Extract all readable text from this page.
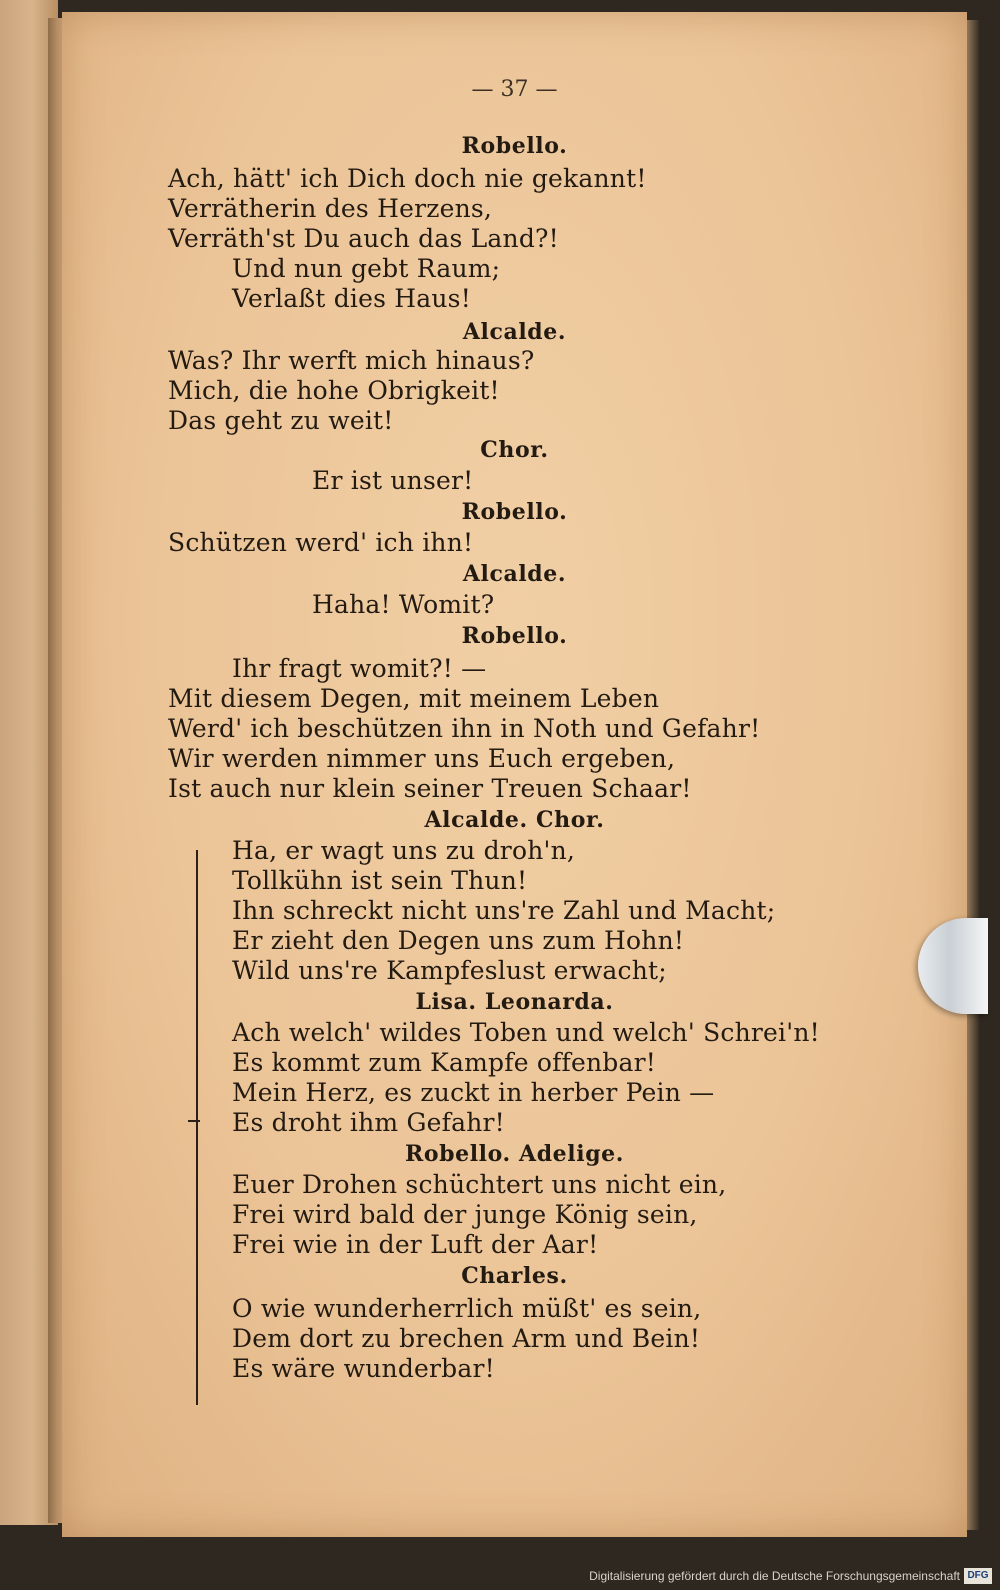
— 37 —
Robello.
Ach, hätt' ich Dich doch nie gekannt!
Verrätherin des Herzens,
Verräth'st Du auch das Land?!
Und nun gebt Raum;
Verlaßt dies Haus!
Alcalde.
Was? Ihr werft mich hinaus?
Mich, die hohe Obrigkeit!
Das geht zu weit!
Chor.
Er ist unser!
Robello.
Schützen werd' ich ihn!
Alcalde.
Haha! Womit?
Robello.
Ihr fragt womit?! —
Mit diesem Degen, mit meinem Leben
Werd' ich beschützen ihn in Noth und Gefahr!
Wir werden nimmer uns Euch ergeben,
Ist auch nur klein seiner Treuen Schaar!
Alcalde. Chor.
Ha, er wagt uns zu droh'n,
Tollkühn ist sein Thun!
Ihn schreckt nicht uns're Zahl und Macht;
Er zieht den Degen uns zum Hohn!
Wild uns're Kampfeslust erwacht;
Lisa. Leonarda.
Ach welch' wildes Toben und welch' Schrei'n!
Es kommt zum Kampfe offenbar!
Mein Herz, es zuckt in herber Pein —
Es droht ihm Gefahr!
Robello. Adelige.
Euer Drohen schüchtert uns nicht ein,
Frei wird bald der junge König sein,
Frei wie in der Luft der Aar!
Charles.
O wie wunderherrlich müßt' es sein,
Dem dort zu brechen Arm und Bein!
Es wäre wunderbar!
Digitalisierung gefördert durch die Deutsche Forschungsgemeinschaft DFG
